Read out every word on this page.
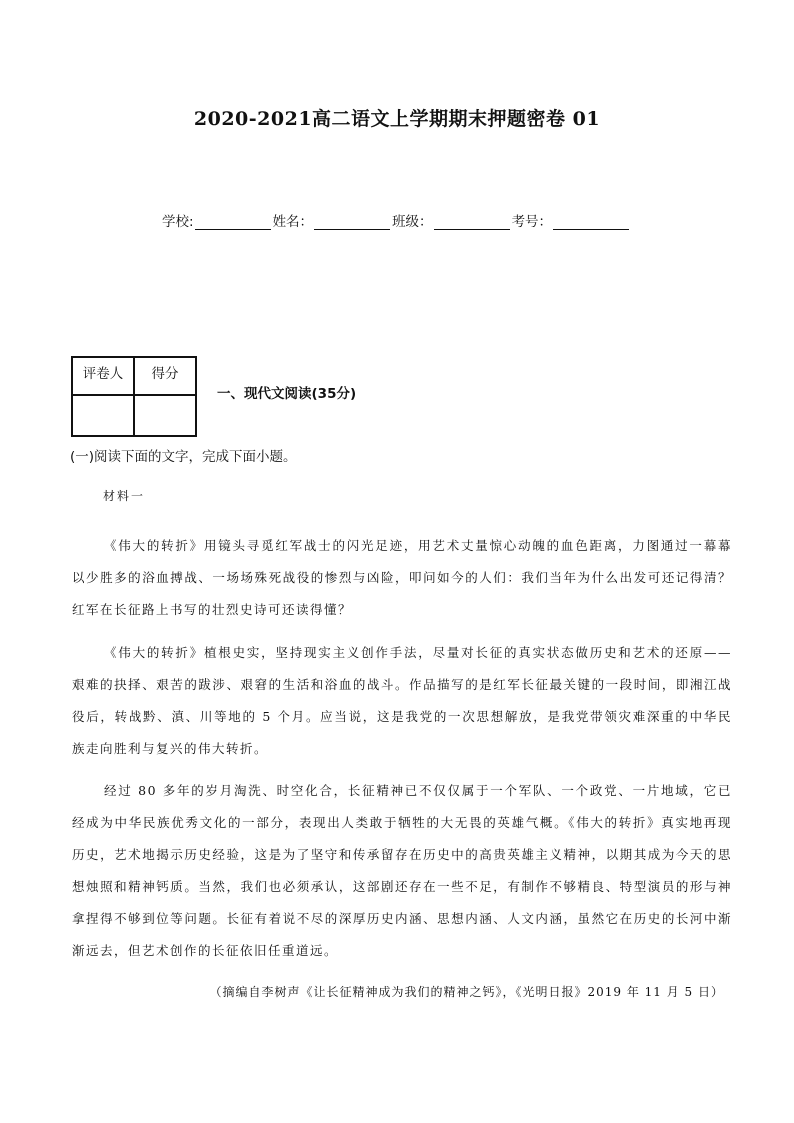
2020-2021高二语文上学期期末押题密卷 01
学校:	姓名：	班级：	考号：
评卷人	得分

一、现代文阅读(35分)
(一)阅读下面的文字，完成下面小题。
材料一

《伟大的转折》用镜头寻觅红军战士的闪光足迹，用艺术丈量惊心动魄的血色距离，力图通过一幕幕以少胜多的浴血搏战、一场场殊死战役的惨烈与凶险，叩问如今的人们：我们当年为什么出发可还记得清？红军在长征路上书写的壮烈史诗可还读得懂？

《伟大的转折》植根史实，坚持现实主义创作手法，尽量对长征的真实状态做历史和艺术的还原——艰难的抉择、艰苦的跋涉、艰窘的生活和浴血的战斗。作品描写的是红军长征最关键的一段时间，即湘江战役后，转战黔、滇、川等地的 5 个月。应当说，这是我党的一次思想解放，是我党带领灾难深重的中华民族走向胜利与复兴的伟大转折。

经过 80 多年的岁月淘洗、时空化合，长征精神已不仅仅属于一个军队、一个政党、一片地域，它已经成为中华民族优秀文化的一部分，表现出人类敢于牺牲的大无畏的英雄气概。《伟大的转折》真实地再现历史，艺术地揭示历史经验，这是为了坚守和传承留存在历史中的高贵英雄主义精神，以期其成为今天的思想烛照和精神钙质。当然，我们也必须承认，这部剧还存在一些不足，有制作不够精良、特型演员的形与神拿捏得不够到位等问题。长征有着说不尽的深厚历史内涵、思想内涵、人文内涵，虽然它在历史的长河中渐渐远去，但艺术创作的长征依旧任重道远。

（摘编自李树声《让长征精神成为我们的精神之钙》，《光明日报》2019 年 11 月 5 日）
